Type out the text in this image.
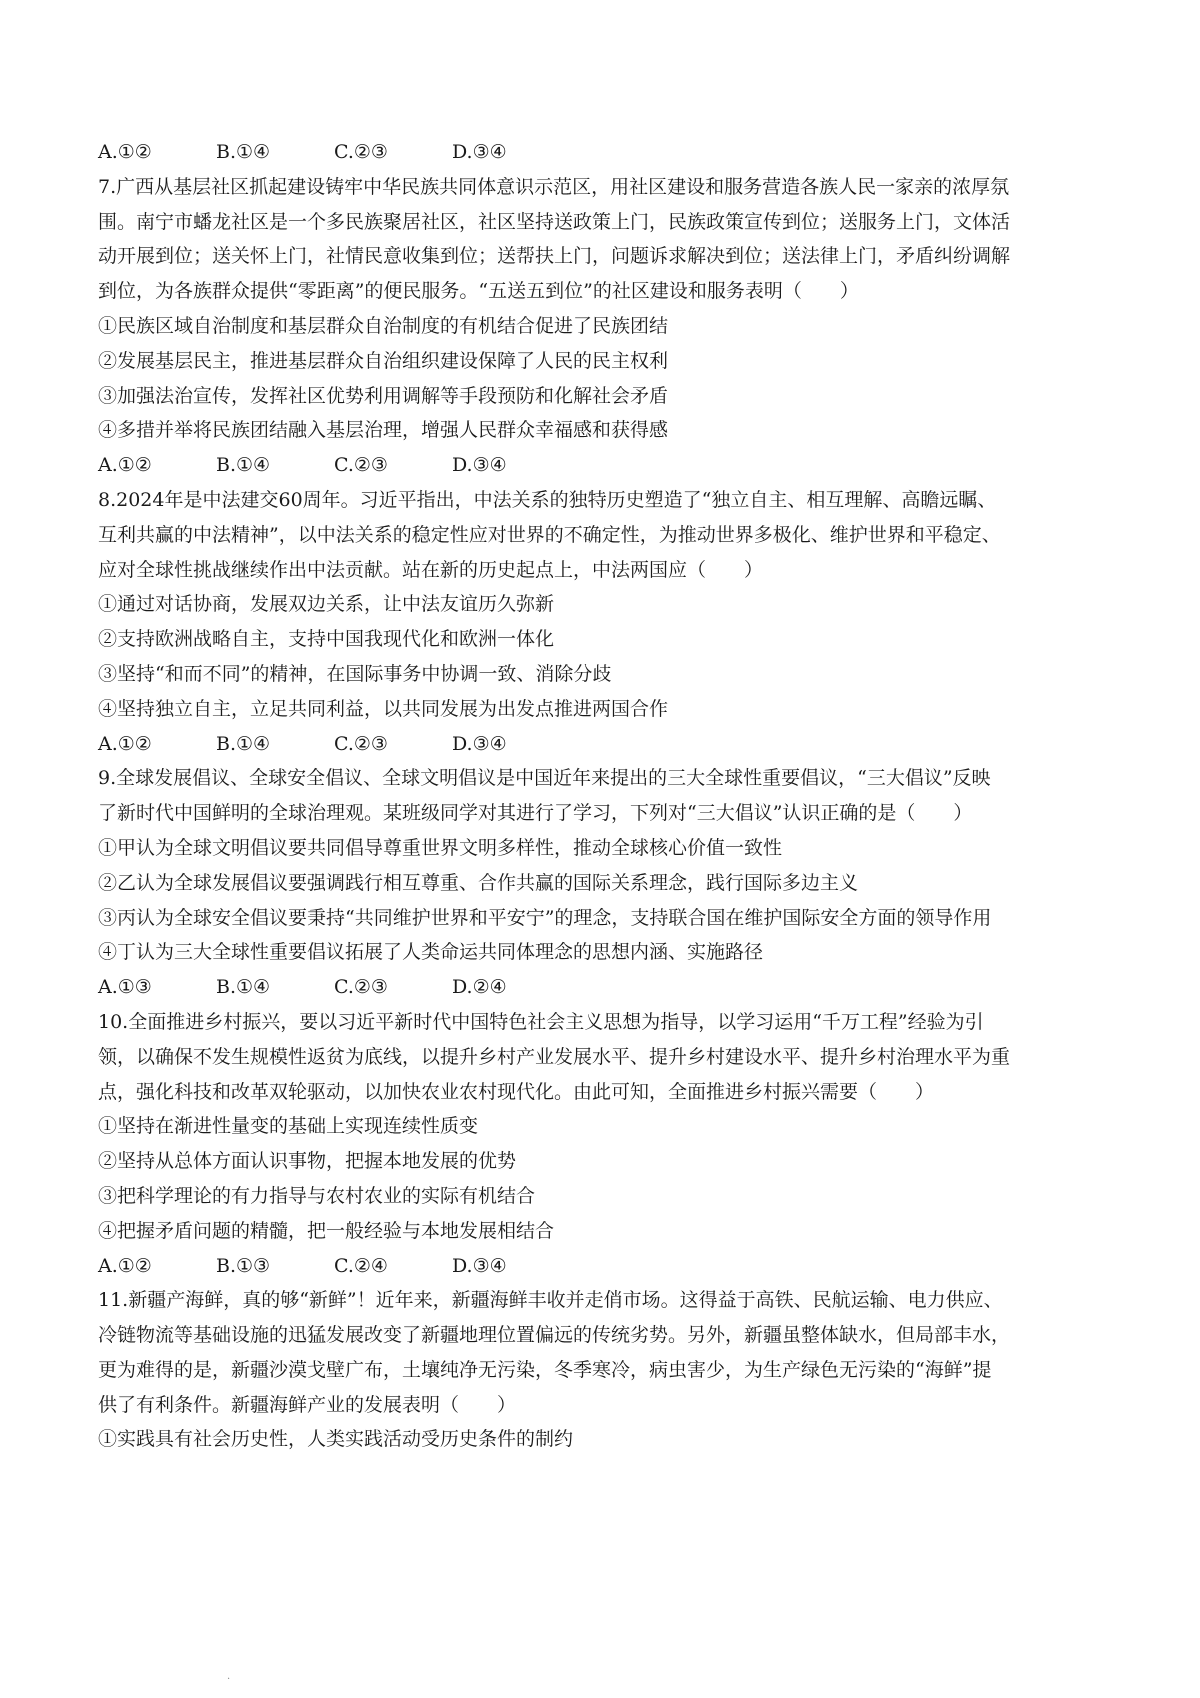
A.①②	B.①④	C.②③	D.③④
7.广西从基层社区抓起建设铸牢中华民族共同体意识示范区，用社区建设和服务营造各族人民一家亲的浓厚氛
围。南宁市蟠龙社区是一个多民族聚居社区，社区坚持送政策上门，民族政策宣传到位；送服务上门，文体活
动开展到位；送关怀上门，社情民意收集到位；送帮扶上门，问题诉求解决到位；送法律上门，矛盾纠纷调解
到位，为各族群众提供“零距离”的便民服务。“五送五到位”的社区建设和服务表明（　　）
①民族区域自治制度和基层群众自治制度的有机结合促进了民族团结
②发展基层民主，推进基层群众自治组织建设保障了人民的民主权利
③加强法治宣传，发挥社区优势利用调解等手段预防和化解社会矛盾
④多措并举将民族团结融入基层治理，增强人民群众幸福感和获得感
A.①②	B.①④	C.②③	D.③④
8.2024年是中法建交60周年。习近平指出，中法关系的独特历史塑造了“独立自主、相互理解、高瞻远瞩、
互利共赢的中法精神”，以中法关系的稳定性应对世界的不确定性，为推动世界多极化、维护世界和平稳定、
应对全球性挑战继续作出中法贡献。站在新的历史起点上，中法两国应（　　）
①通过对话协商，发展双边关系，让中法友谊历久弥新
②支持欧洲战略自主，支持中国我现代化和欧洲一体化
③坚持“和而不同”的精神，在国际事务中协调一致、消除分歧
④坚持独立自主，立足共同利益，以共同发展为出发点推进两国合作
A.①②	B.①④	C.②③	D.③④
9.全球发展倡议、全球安全倡议、全球文明倡议是中国近年来提出的三大全球性重要倡议，“三大倡议”反映
了新时代中国鲜明的全球治理观。某班级同学对其进行了学习，下列对“三大倡议”认识正确的是（　　）
①甲认为全球文明倡议要共同倡导尊重世界文明多样性，推动全球核心价值一致性
②乙认为全球发展倡议要强调践行相互尊重、合作共赢的国际关系理念，践行国际多边主义
③丙认为全球安全倡议要秉持“共同维护世界和平安宁”的理念，支持联合国在维护国际安全方面的领导作用
④丁认为三大全球性重要倡议拓展了人类命运共同体理念的思想内涵、实施路径
A.①③	B.①④	C.②③	D.②④
10.全面推进乡村振兴，要以习近平新时代中国特色社会主义思想为指导，以学习运用“千万工程”经验为引
领，以确保不发生规模性返贫为底线，以提升乡村产业发展水平、提升乡村建设水平、提升乡村治理水平为重
点，强化科技和改革双轮驱动，以加快农业农村现代化。由此可知，全面推进乡村振兴需要（　　）
①坚持在渐进性量变的基础上实现连续性质变
②坚持从总体方面认识事物，把握本地发展的优势
③把科学理论的有力指导与农村农业的实际有机结合
④把握矛盾问题的精髓，把一般经验与本地发展相结合
A.①②	B.①③	C.②④	D.③④
11.新疆产海鲜，真的够“新鲜”！近年来，新疆海鲜丰收并走俏市场。这得益于高铁、民航运输、电力供应、
冷链物流等基础设施的迅猛发展改变了新疆地理位置偏远的传统劣势。另外，新疆虽整体缺水，但局部丰水，
更为难得的是，新疆沙漠戈壁广布，土壤纯净无污染，冬季寒冷，病虫害少，为生产绿色无污染的“海鲜”提
供了有利条件。新疆海鲜产业的发展表明（　　）
①实践具有社会历史性，人类实践活动受历史条件的制约
.
